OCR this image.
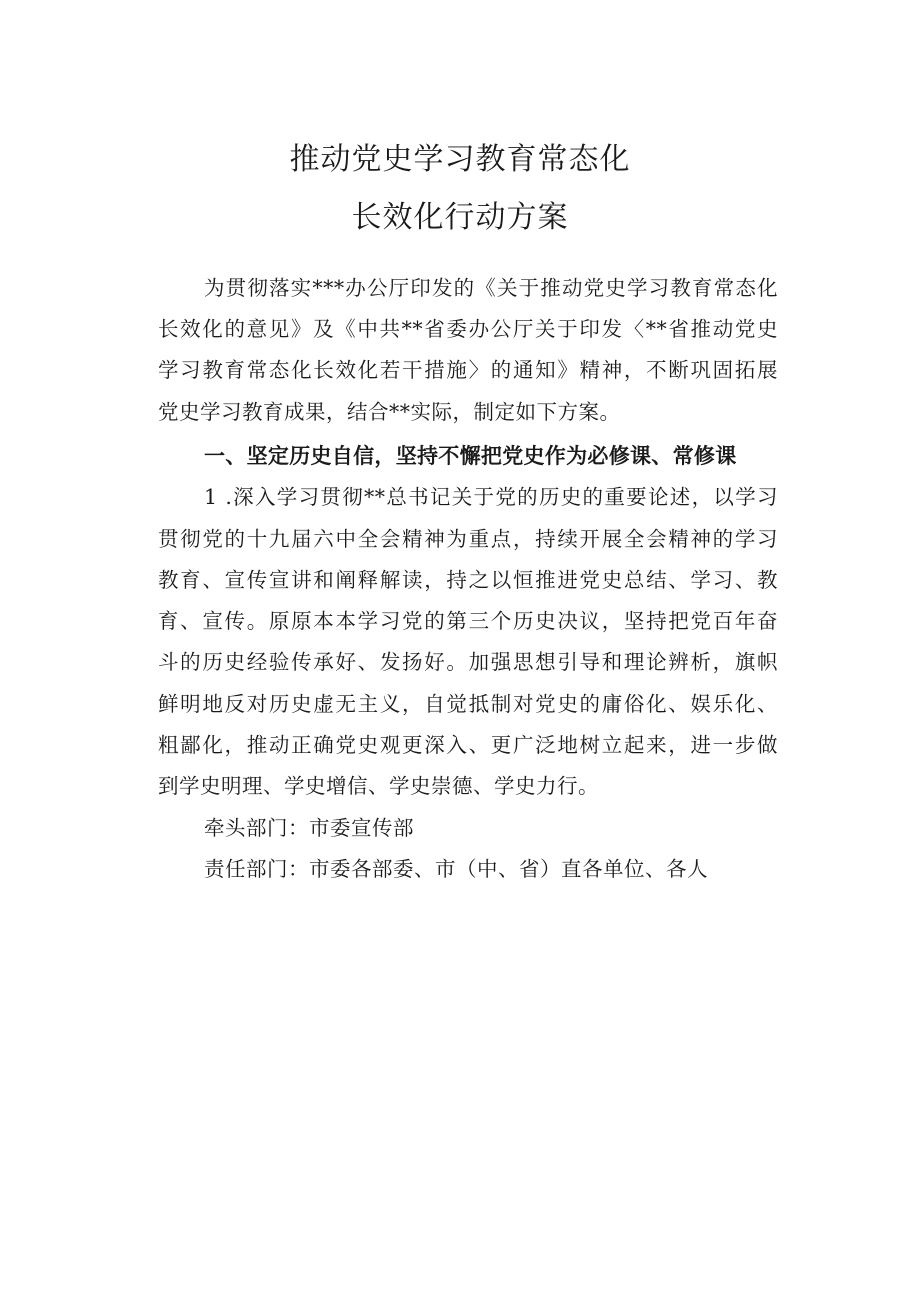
推动党史学习教育常态化
长效化行动方案
为贯彻落实***办公厅印发的《关于推动党史学习教育常态化
长效化的意见》及《中共**省委办公厅关于印发〈**省推动党史
学习教育常态化长效化若干措施〉的通知》精神，不断巩固拓展
党史学习教育成果，结合**实际，制定如下方案。
一、坚定历史自信，坚持不懈把党史作为必修课、常修课
1 .深入学习贯彻**总书记关于党的历史的重要论述，以学习
贯彻党的十九届六中全会精神为重点，持续开展全会精神的学习
教育、宣传宣讲和阐释解读，持之以恒推进党史总结、学习、教
育、宣传。原原本本学习党的第三个历史决议，坚持把党百年奋
斗的历史经验传承好、发扬好。加强思想引导和理论辨析，旗帜
鲜明地反对历史虚无主义，自觉抵制对党史的庸俗化、娱乐化、
粗鄙化，推动正确党史观更深入、更广泛地树立起来，进一步做
到学史明理、学史增信、学史崇德、学史力行。
牵头部门：市委宣传部
责任部门：市委各部委、市（中、省）直各单位、各人
